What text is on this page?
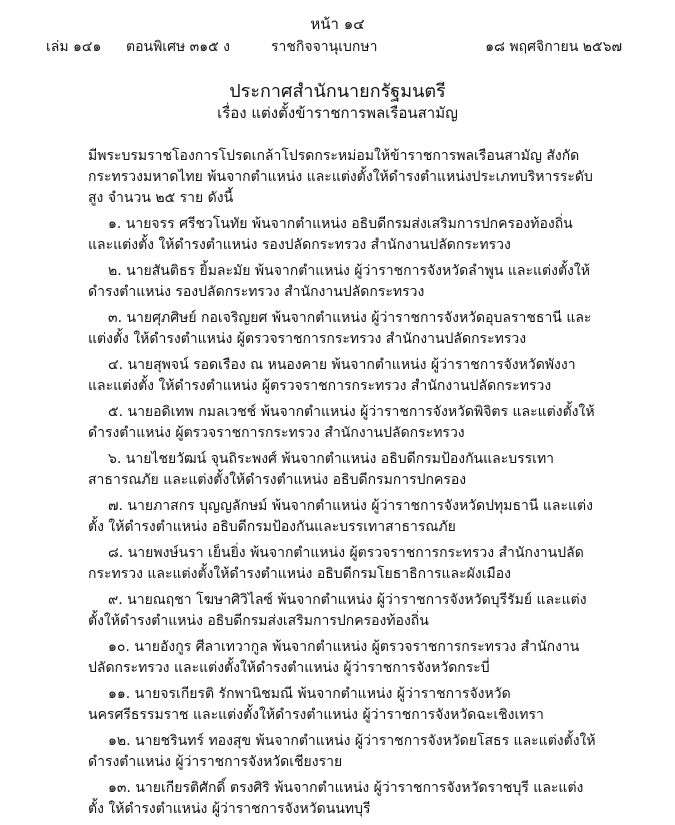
หน้า ๑๔
เล่ม ๑๔๑ ตอนพิเศษ ๓๑๕ ง	ราชกิจจานุเบกษา	๑๘ พฤศจิกายน ๒๕๖๗
ประกาศสำนักนายกรัฐมนตรี
เรื่อง แต่งตั้งข้าราชการพลเรือนสามัญ

มีพระบรมราชโองการโปรดเกล้าโปรดกระหม่อมให้ข้าราชการพลเรือนสามัญ สังกัดกระทรวงมหาดไทย พ้นจากตำแหน่ง และแต่งตั้งให้ดำรงตำแหน่งประเภทบริหารระดับสูง จำนวน ๒๕ ราย ดังนี้

๑. นายจรร ศรีชวโนทัย พ้นจากตำแหน่ง อธิบดีกรมส่งเสริมการปกครองท้องถิ่น และแต่งตั้ง ให้ดำรงตำแหน่ง รองปลัดกระทรวง สำนักงานปลัดกระทรวง

๒. นายสันติธร ยิ้มละมัย พ้นจากตำแหน่ง ผู้ว่าราชการจังหวัดลำพูน และแต่งตั้งให้ดำรงตำแหน่ง รองปลัดกระทรวง สำนักงานปลัดกระทรวง

๓. นายศุภศิษย์ กอเจริญยศ พ้นจากตำแหน่ง ผู้ว่าราชการจังหวัดอุบลราชธานี และแต่งตั้ง ให้ดำรงตำแหน่ง ผู้ตรวจราชการกระทรวง สำนักงานปลัดกระทรวง

๔. นายสุพจน์ รอดเรือง ณ หนองคาย พ้นจากตำแหน่ง ผู้ว่าราชการจังหวัดพังงา และแต่งตั้ง ให้ดำรงตำแหน่ง ผู้ตรวจราชการกระทรวง สำนักงานปลัดกระทรวง

๕. นายอดิเทพ กมลเวชช์ พ้นจากตำแหน่ง ผู้ว่าราชการจังหวัดพิจิตร และแต่งตั้งให้ดำรงตำแหน่ง ผู้ตรวจราชการกระทรวง สำนักงานปลัดกระทรวง

๖. นายไชยวัฒน์ จุนถิระพงศ์ พ้นจากตำแหน่ง อธิบดีกรมป้องกันและบรรเทาสาธารณภัย และแต่งตั้งให้ดำรงตำแหน่ง อธิบดีกรมการปกครอง

๗. นายภาสกร บุญญลักษม์ พ้นจากตำแหน่ง ผู้ว่าราชการจังหวัดปทุมธานี และแต่งตั้ง ให้ดำรงตำแหน่ง อธิบดีกรมป้องกันและบรรเทาสาธารณภัย

๘. นายพงษ์นรา เย็นยิ่ง พ้นจากตำแหน่ง ผู้ตรวจราชการกระทรวง สำนักงานปลัดกระทรวง และแต่งตั้งให้ดำรงตำแหน่ง อธิบดีกรมโยธาธิการและผังเมือง

๙. นายณฤชา โฆษาศิวิไลซ์ พ้นจากตำแหน่ง ผู้ว่าราชการจังหวัดบุรีรัมย์ และแต่งตั้งให้ดำรงตำแหน่ง อธิบดีกรมส่งเสริมการปกครองท้องถิ่น

๑๐. นายอังกูร ศีลาเทวากูล พ้นจากตำแหน่ง ผู้ตรวจราชการกระทรวง สำนักงานปลัดกระทรวง และแต่งตั้งให้ดำรงตำแหน่ง ผู้ว่าราชการจังหวัดกระบี่

๑๑. นายจรเกียรติ รักพานิชมณี พ้นจากตำแหน่ง ผู้ว่าราชการจังหวัดนครศรีธรรมราช และแต่งตั้งให้ดำรงตำแหน่ง ผู้ว่าราชการจังหวัดฉะเชิงเทรา

๑๒. นายชรินทร์ ทองสุข พ้นจากตำแหน่ง ผู้ว่าราชการจังหวัดยโสธร และแต่งตั้งให้ดำรงตำแหน่ง ผู้ว่าราชการจังหวัดเชียงราย

๑๓. นายเกียรติศักดิ์ ตรงศิริ พ้นจากตำแหน่ง ผู้ว่าราชการจังหวัดราชบุรี และแต่งตั้ง ให้ดำรงตำแหน่ง ผู้ว่าราชการจังหวัดนนทบุรี
